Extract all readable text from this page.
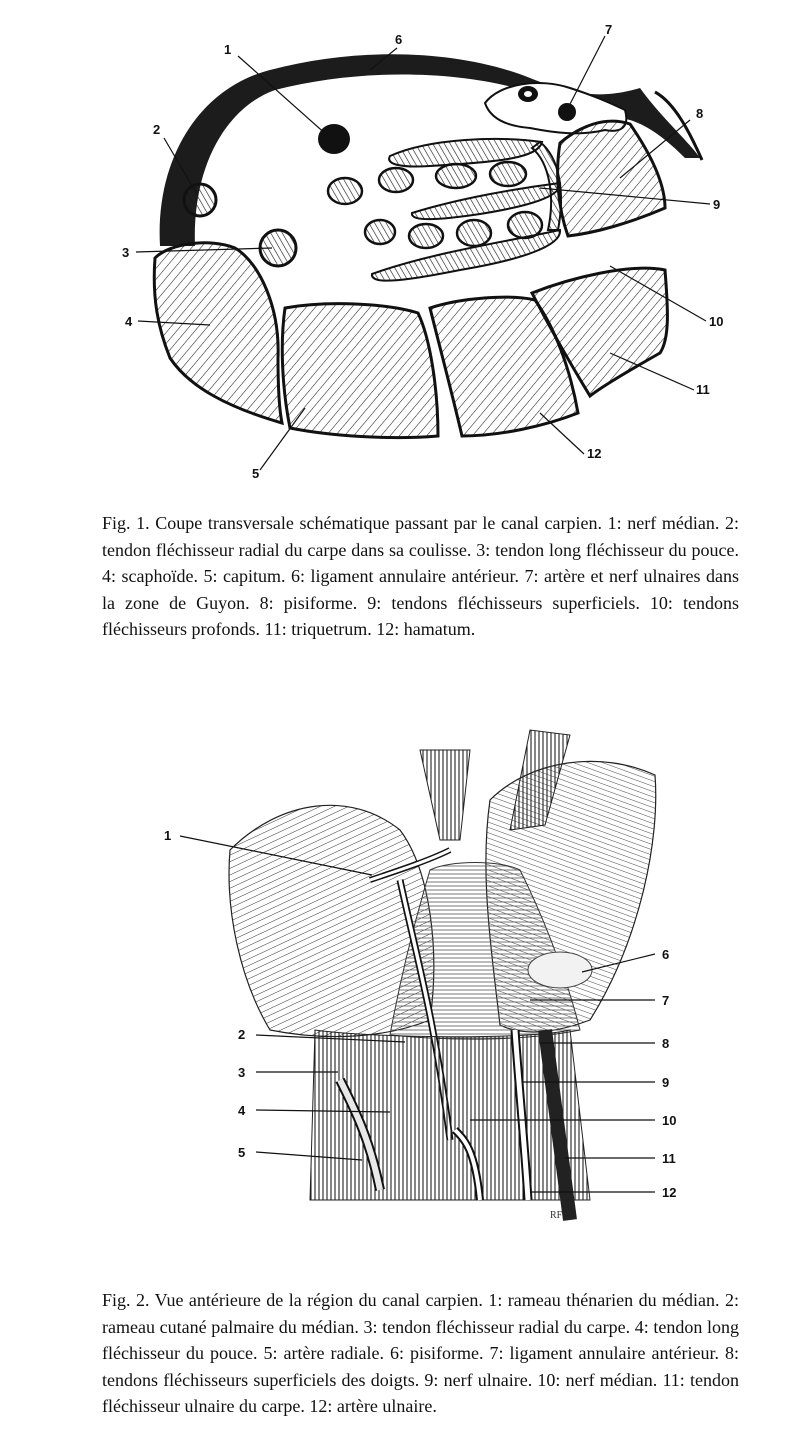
1
2
3
4
5
6
7
8
9
10
11
12

Fig. 1. Coupe transversale schématique passant par le canal carpien. 1: nerf médian. 2: tendon fléchisseur radial du carpe dans sa coulisse. 3: tendon long fléchisseur du pouce. 4: scaphoïde. 5: capitum. 6: ligament annulaire antérieur. 7: artère et nerf ulnaires dans la zone de Guyon. 8: pisiforme. 9: tendons fléchisseurs superficiels. 10: tendons fléchisseurs profonds. 11: triquetrum. 12: hamatum.

RF
1
2
3
4
5
6
7
8
9
10
11
12

Fig. 2. Vue antérieure de la région du canal carpien. 1: rameau thénarien du médian. 2: rameau cutané palmaire du médian. 3: tendon fléchisseur radial du carpe. 4: tendon long fléchisseur du pouce. 5: artère radiale. 6: pisiforme. 7: ligament annulaire antérieur. 8: tendons fléchisseurs superficiels des doigts. 9: nerf ulnaire. 10: nerf médian. 11: tendon fléchisseur ulnaire du carpe. 12: artère ulnaire.
